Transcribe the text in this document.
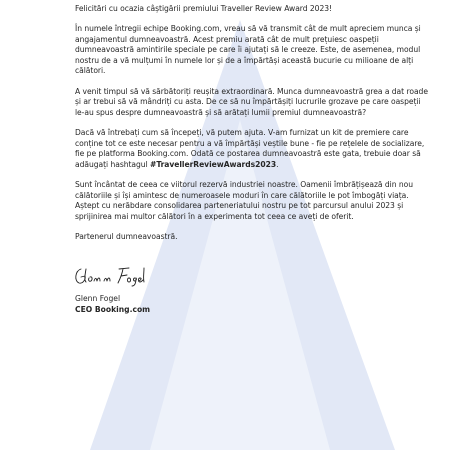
Felicitări cu ocazia câștigării premiului Traveller Review Award 2023!

În numele întregii echipe Booking.com, vreau să vă transmit cât de mult apreciem munca și angajamentul dumneavoastră. Acest premiu arată cât de mult prețuiesc oaspeții dumneavoastră amintirile speciale pe care îi ajutați să le creeze. Este, de asemenea, modul nostru de a vă mulțumi în numele lor și de a împărtăși această bucurie cu milioane de alți călători.

A venit timpul să vă sărbătoriți reușita extraordinară. Munca dumneavoastră grea a dat roade și ar trebui să vă mândriți cu asta. De ce să nu împărtășiți lucrurile grozave pe care oaspeții le-au spus despre dumneavoastră și să arătați lumii premiul dumneavoastră?

Dacă vă întrebați cum să începeți, vă putem ajuta. V-am furnizat un kit de premiere care conține tot ce este necesar pentru a vă împărtăși veștile bune - fie pe rețelele de socializare, fie pe platforma Booking.com. Odată ce postarea dumneavoastră este gata, trebuie doar să adăugați hashtagul #TravellerReviewAwards2023.

Sunt încântat de ceea ce viitorul rezervă industriei noastre. Oamenii îmbrățișează din nou călătoriile și își amintesc de numeroasele moduri în care călătoriile le pot îmbogăți viața. Aștept cu nerăbdare consolidarea parteneriatului nostru pe tot parcursul anului 2023 și sprijinirea mai multor călători în a experimenta tot ceea ce aveți de oferit.

Partenerul dumneavoastră.

Glenn Fogel
CEO Booking.com
